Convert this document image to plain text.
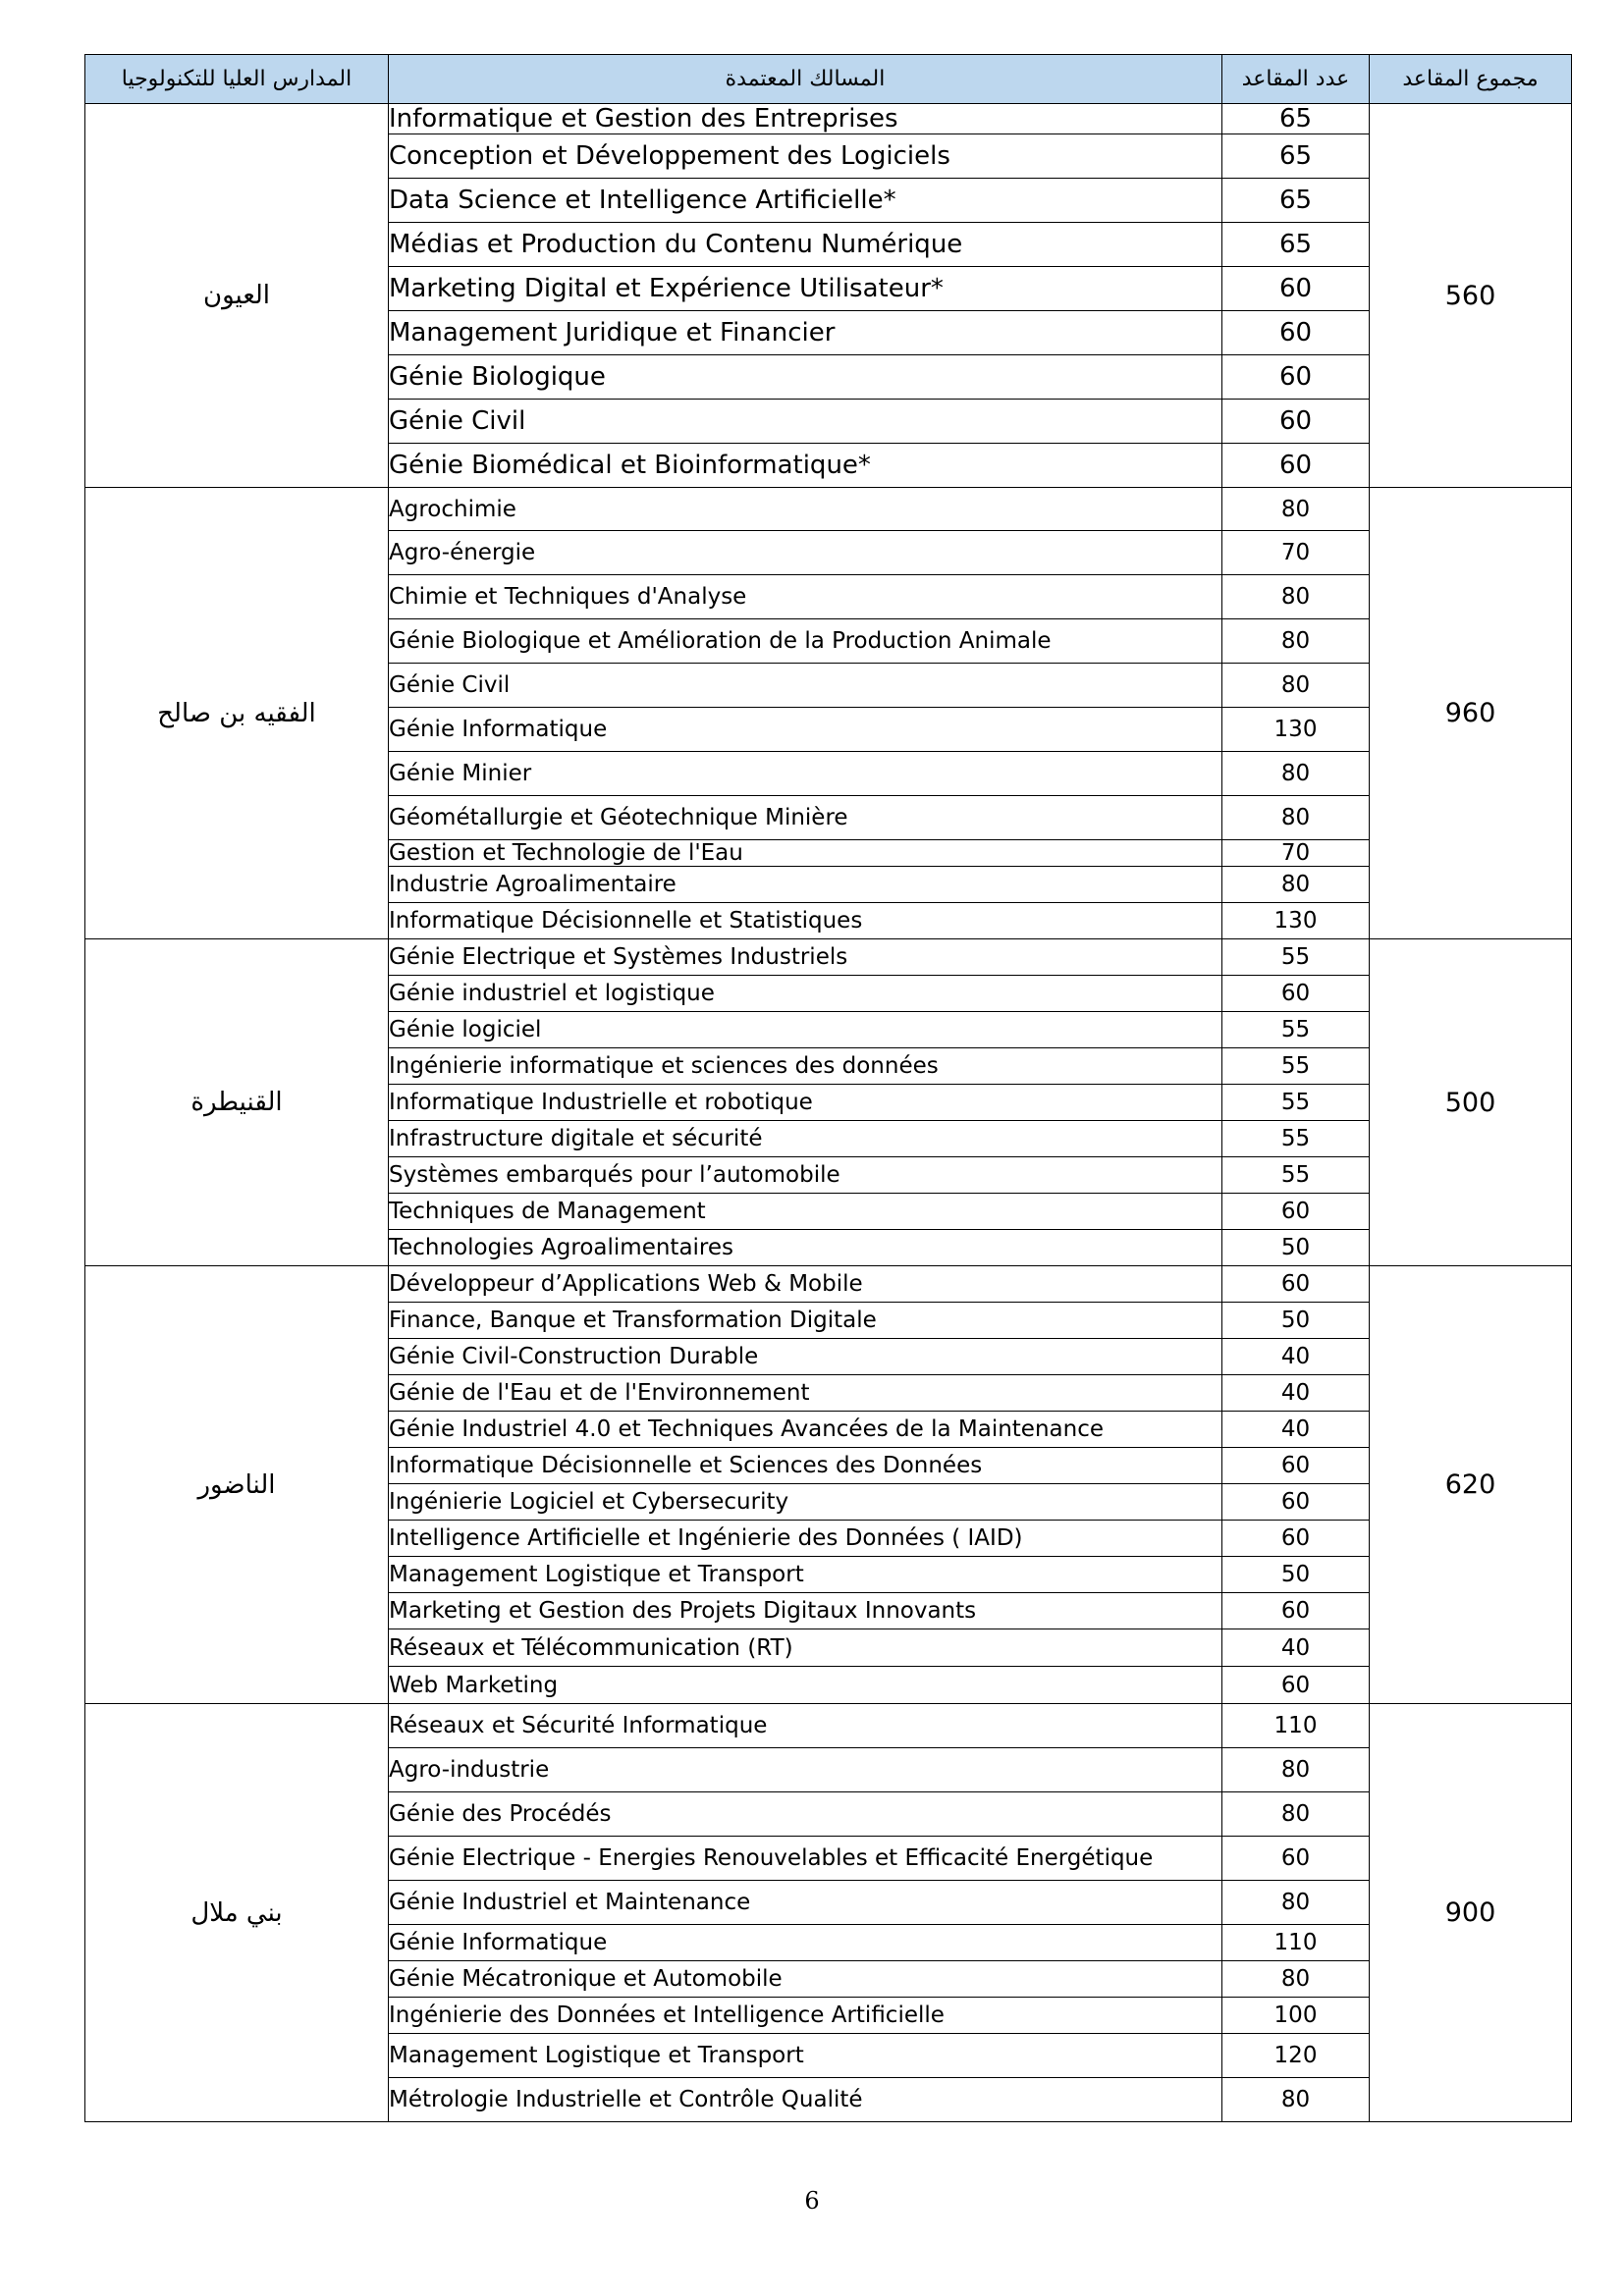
المدارس العليا للتكنولوجيا	المسالك المعتمدة	عدد المقاعد	مجموع المقاعد
العيون	Informatique et Gestion des Entreprises	65	560
	Conception et Développement des Logiciels	65	
	Data Science et Intelligence Artificielle*	65	
	Médias et Production du Contenu Numérique	65	
	Marketing Digital et Expérience Utilisateur*	60	
	Management Juridique et Financier	60	
	Génie Biologique	60	
	Génie Civil	60	
	Génie Biomédical et Bioinformatique*	60	
الفقيه بن صالح	Agrochimie	80	960
	Agro-énergie	70	
	Chimie et Techniques d'Analyse	80	
	Génie Biologique et Amélioration de la Production Animale	80	
	Génie Civil	80	
	Génie Informatique	130	
	Génie Minier	80	
	Géométallurgie et Géotechnique Minière	80	
	Gestion et Technologie de l'Eau	70	
	Industrie Agroalimentaire	80	
	Informatique Décisionnelle et Statistiques	130	
القنيطرة	Génie Electrique et Systèmes Industriels	55	500
	Génie industriel et logistique	60	
	Génie logiciel	55	
	Ingénierie informatique et sciences des données	55	
	Informatique Industrielle et robotique	55	
	Infrastructure digitale et sécurité	55	
	Systèmes embarqués pour l’automobile	55	
	Techniques de Management	60	
	Technologies Agroalimentaires	50	
الناضور	Développeur d’Applications Web & Mobile	60	620
	Finance, Banque et Transformation Digitale	50	
	Génie Civil-Construction Durable	40	
	Génie de l'Eau et de l'Environnement	40	
	Génie Industriel 4.0 et Techniques Avancées de la Maintenance	40	
	Informatique Décisionnelle et Sciences des Données	60	
	Ingénierie Logiciel et Cybersecurity	60	
	Intelligence Artificielle et Ingénierie des Données ( IAID)	60	
	Management Logistique et Transport	50	
	Marketing et Gestion des Projets Digitaux Innovants	60	
	Réseaux et Télécommunication (RT)	40	
	Web Marketing	60	
بني ملال	Réseaux et Sécurité Informatique	110	900
	Agro-industrie	80	
	Génie des Procédés	80	
	Génie Electrique - Energies Renouvelables et Efficacité Energétique	60	
	Génie Industriel et Maintenance	80	
	Génie Informatique	110	
	Génie Mécatronique et Automobile	80	
	Ingénierie des Données et Intelligence Artificielle	100	
	Management Logistique et Transport	120	
	Métrologie Industrielle et Contrôle Qualité	80	
6
